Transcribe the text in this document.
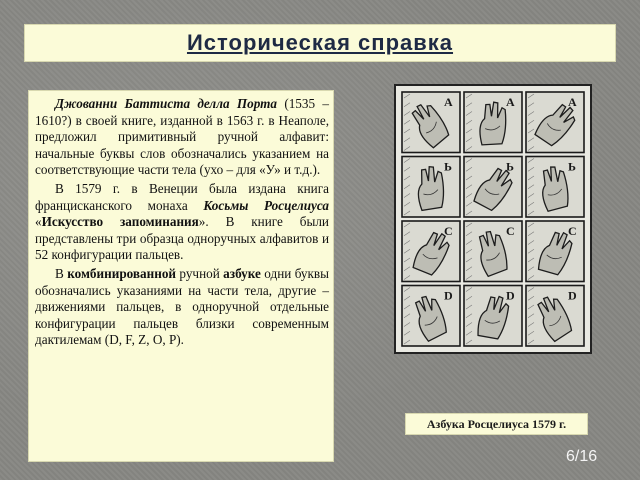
Историческая справка

Джованни Баттиста делла Порта (1535 – 1610?) в своей книге, изданной в 1563 г. в Неаполе, предложил примитивный ручной алфавит: начальные буквы слов обозначались указанием на соответствующие части тела (ухо – для «У» и т.д.).

В 1579 г. в Венеции была издана книга францисканского монаха Косьмы Росцелиуса «Искусство запоминания». В книге были представлены три образца одноручных алфавитов и 52 конфигурации пальцев.

В комбинированной ручной азбуке одни буквы обозначались указаниями на части тела, другие – движениями пальцев, в одноручной отдельные конфигурации пальцев близки современным дактилемам (D, F, Z, O, P).

A	A	A
Ь	Ь	Ь
C	C	C
D	D	D
Азбука Росцелиуса 1579 г.
6/16
